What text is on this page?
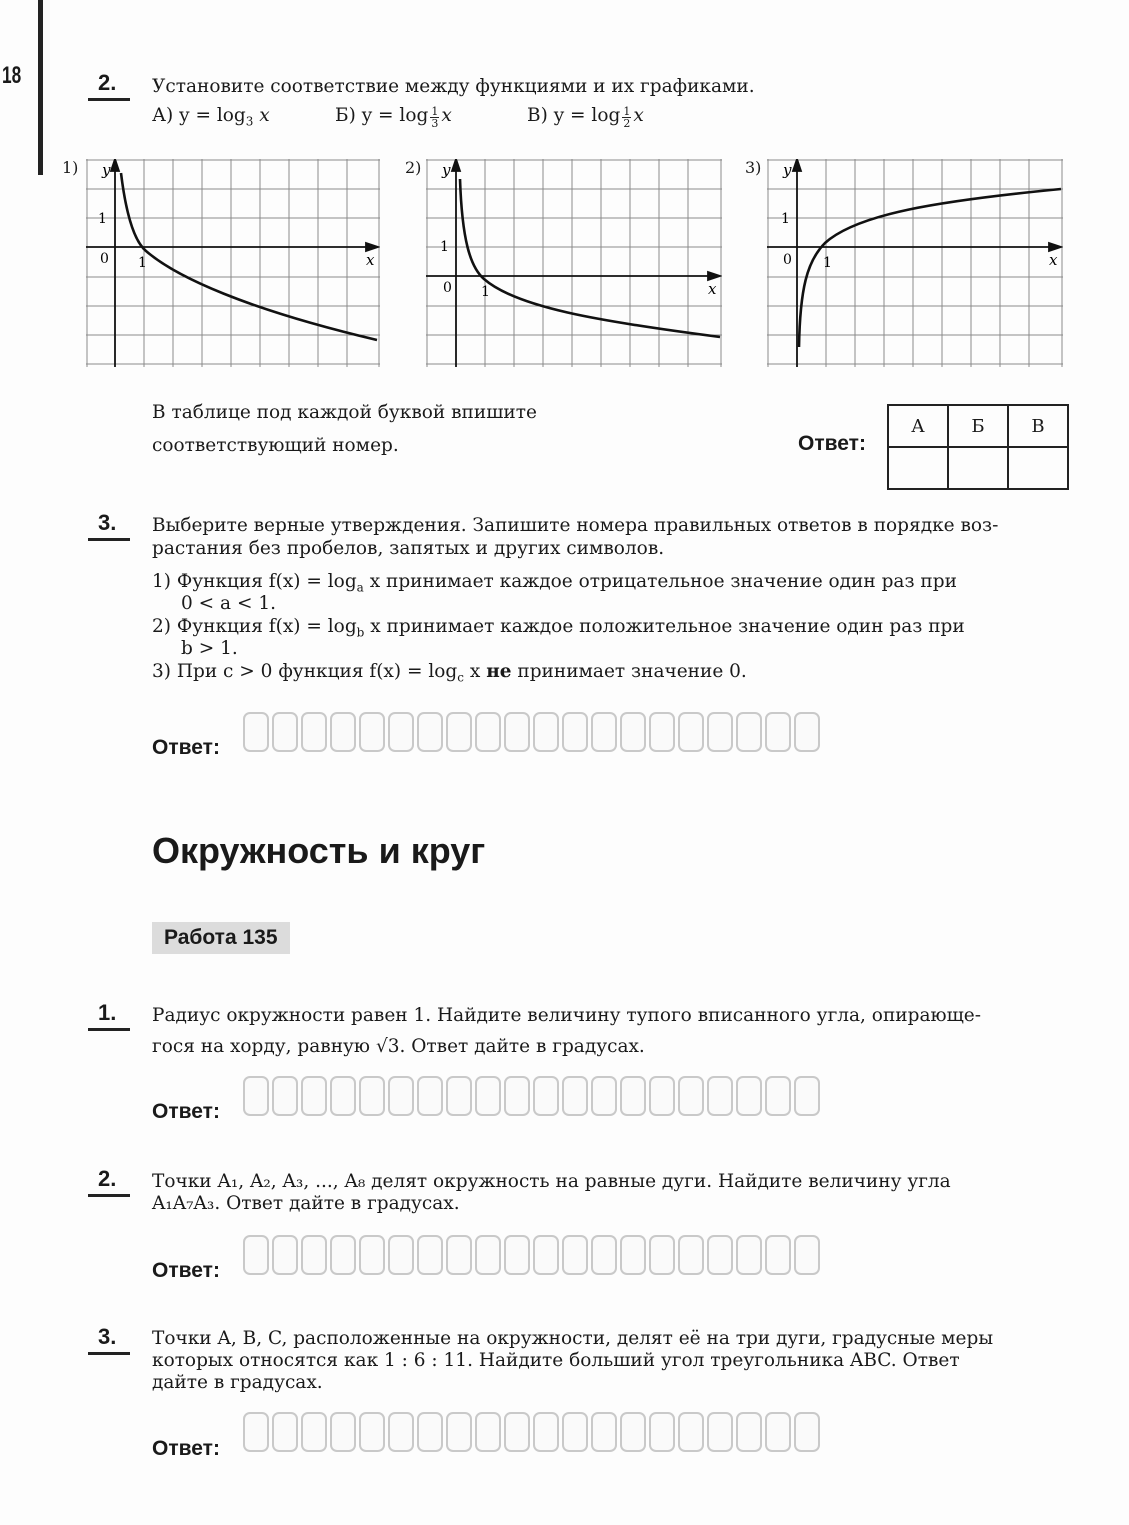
18	2. Установите соответствие между функциями и их графиками.
А) $y = \log_3 x$	Б) $y = \log \frac{1}{3}$ x	В) $y = \log \frac{1}{2}$ x
1) y
1
0 1	x
2) y
1
0 1	x
3) y
1
0 1	x
В таблице под каждой буквой впишите
соответствующий номер.	Ответ:
А	Б	В

3. Выберите верные утверждения. Запишите номера правильных ответов в порядке воз-
растания без пробелов, запятых и других символов.
1) Функция $f(x) = \log_a x$ принимает каждое отрицательное значение один раз при
0 < a < 1.
2) Функция $f(x) = \log_b x$ принимает каждое положительное значение один раз при
b > 1.
3) При c > 0 функция $f(x) = \log_c x$ не принимает значение 0.
Ответ:
Окружность и круг
Работа 135
1. Радиус окружности равен 1. Найдите величину тупого вписанного угла, опирающе-
гося на хорду, равную √3. Ответ дайте в градусах.
Ответ:
2. Точки A₁, A₂, A₃, ..., A₈ делят окружность на равные дуги. Найдите величину угла
A₁A₇A₃. Ответ дайте в градусах.
Ответ:
3. Точки A, B, C, расположенные на окружности, делят её на три дуги, градусные меры
которых относятся как 1 : 6 : 11. Найдите больший угол треугольника ABC. Ответ
дайте в градусах.
Ответ:
